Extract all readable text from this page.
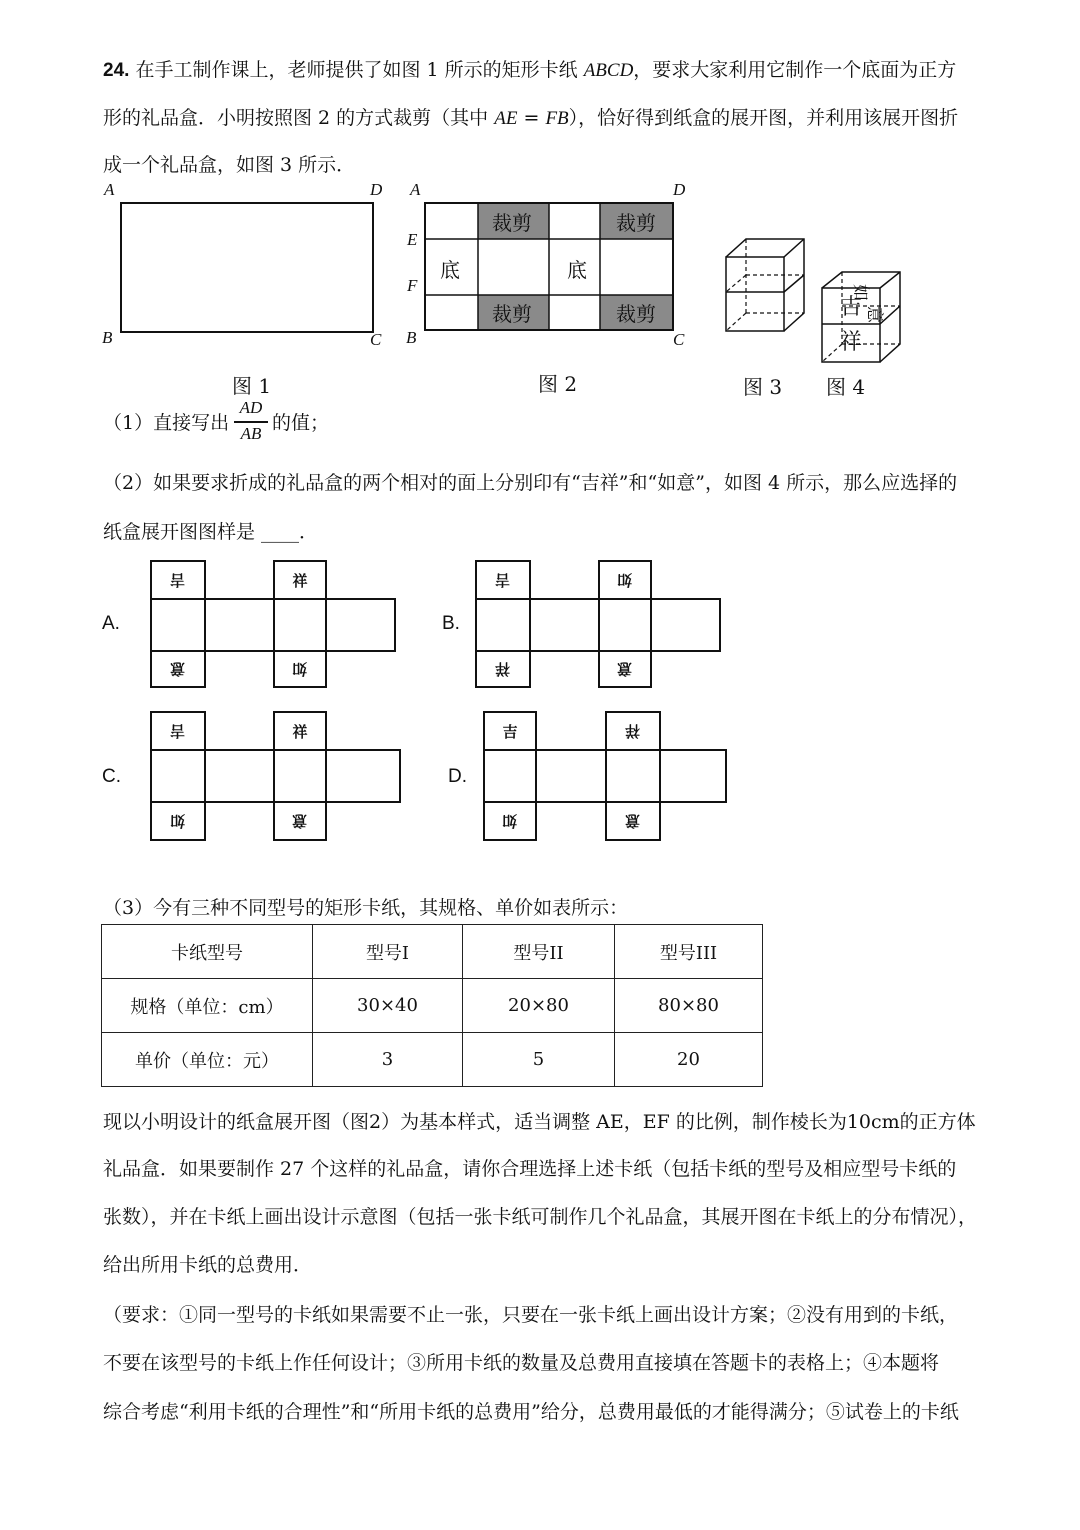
24. 在手工制作课上，老师提供了如图 1 所示的矩形卡纸 ABCD，要求大家利用它制作一个底面为正方

形的礼品盒．小明按照图 2 的方式裁剪（其中 AE = FB），恰好得到纸盒的展开图，并利用该展开图折

成一个礼品盒，如图 3 所示．

A	D
B	C
图 1
裁剪	裁剪
裁剪	裁剪
底	底
A	D
E
F
B	C
图 2	图 3
吉
祥
如
意
图 4
（1）直接写出
AD
AB 的值；

（2）如果要求折成的礼品盒的两个相对的面上分别印有“吉祥”和“如意”，如图 4 所示，那么应选择的

纸盒展开图图样是 ____．

A.
吉	祥
意	如
B.
吉	如
祥	意
C.
吉	祥
如	意
D.
吉	祥
如	意

（3）今有三种不同型号的矩形卡纸，其规格、单价如表所示：

卡纸型号	型号I	型号II	型号III
规格（单位：cm）	30×40	20×80	80×80
单价（单位：元）	3	5	20

现以小明设计的纸盒展开图（图2）为基本样式，适当调整 AE，EF 的比例，制作棱长为10cm的正方体

礼品盒．如果要制作 27 个这样的礼品盒，请你合理选择上述卡纸（包括卡纸的型号及相应型号卡纸的

张数），并在卡纸上画出设计示意图（包括一张卡纸可制作几个礼品盒，其展开图在卡纸上的分布情况），

给出所用卡纸的总费用．

（要求：①同一型号的卡纸如果需要不止一张，只要在一张卡纸上画出设计方案；②没有用到的卡纸，

不要在该型号的卡纸上作任何设计；③所用卡纸的数量及总费用直接填在答题卡的表格上；④本题将

综合考虑“利用卡纸的合理性”和“所用卡纸的总费用”给分，总费用最低的才能得满分；⑤试卷上的卡纸
